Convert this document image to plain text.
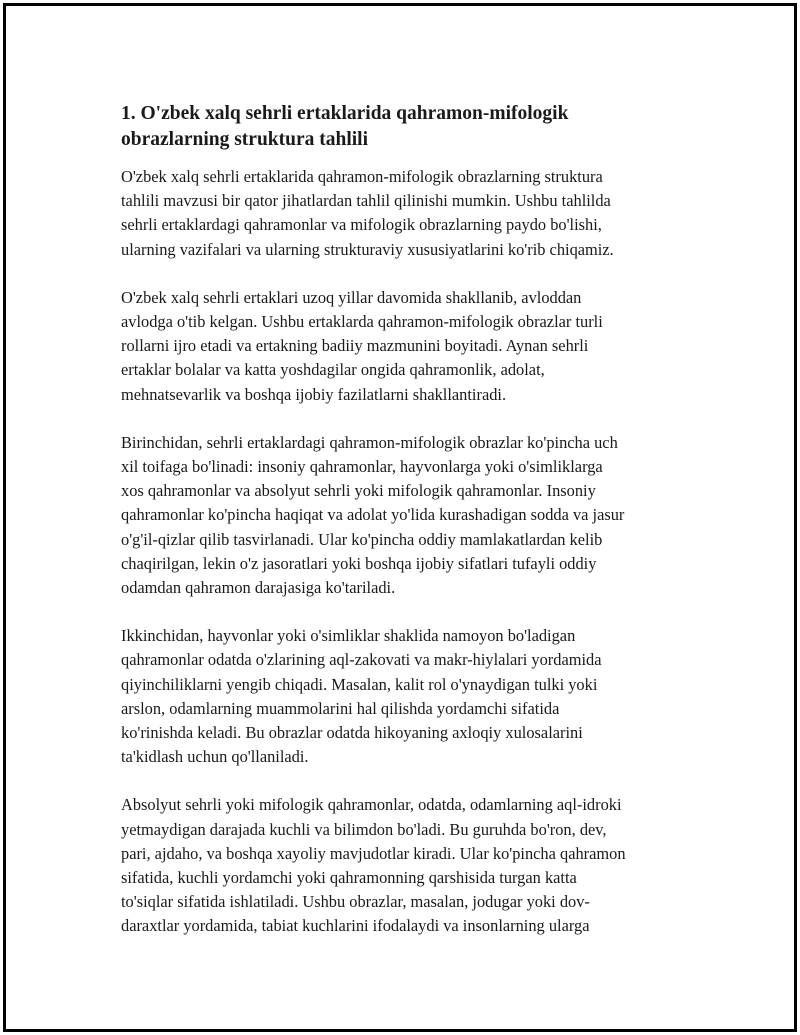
1. O'zbek xalq sehrli ertaklarida qahramon-mifologik
obrazlarning struktura tahlili

O'zbek xalq sehrli ertaklarida qahramon-mifologik obrazlarning struktura
tahlili mavzusi bir qator jihatlardan tahlil qilinishi mumkin. Ushbu tahlilda
sehrli ertaklardagi qahramonlar va mifologik obrazlarning paydo bo'lishi,
ularning vazifalari va ularning strukturaviy xususiyatlarini ko'rib chiqamiz.

O'zbek xalq sehrli ertaklari uzoq yillar davomida shakllanib, avloddan
avlodga o'tib kelgan. Ushbu ertaklarda qahramon-mifologik obrazlar turli
rollarni ijro etadi va ertakning badiiy mazmunini boyitadi. Aynan sehrli
ertaklar bolalar va katta yoshdagilar ongida qahramonlik, adolat,
mehnatsevarlik va boshqa ijobiy fazilatlarni shakllantiradi.

Birinchidan, sehrli ertaklardagi qahramon-mifologik obrazlar ko'pincha uch
xil toifaga bo'linadi: insoniy qahramonlar, hayvonlarga yoki o'simliklarga
xos qahramonlar va absolyut sehrli yoki mifologik qahramonlar. Insoniy
qahramonlar ko'pincha haqiqat va adolat yo'lida kurashadigan sodda va jasur
o'g'il-qizlar qilib tasvirlanadi. Ular ko'pincha oddiy mamlakatlardan kelib
chaqirilgan, lekin o'z jasoratlari yoki boshqa ijobiy sifatlari tufayli oddiy
odamdan qahramon darajasiga ko'tariladi.

Ikkinchidan, hayvonlar yoki o'simliklar shaklida namoyon bo'ladigan
qahramonlar odatda o'zlarining aql-zakovati va makr-hiylalari yordamida
qiyinchiliklarni yengib chiqadi. Masalan, kalit rol o'ynaydigan tulki yoki
arslon, odamlarning muammolarini hal qilishda yordamchi sifatida
ko'rinishda keladi. Bu obrazlar odatda hikoyaning axloqiy xulosalarini
ta'kidlash uchun qo'llaniladi.

Absolyut sehrli yoki mifologik qahramonlar, odatda, odamlarning aql-idroki
yetmaydigan darajada kuchli va bilimdon bo'ladi. Bu guruhda bo'ron, dev,
pari, ajdaho, va boshqa xayoliy mavjudotlar kiradi. Ular ko'pincha qahramon
sifatida, kuchli yordamchi yoki qahramonning qarshisida turgan katta
to'siqlar sifatida ishlatiladi. Ushbu obrazlar, masalan, jodugar yoki dov-
daraxtlar yordamida, tabiat kuchlarini ifodalaydi va insonlarning ularga
